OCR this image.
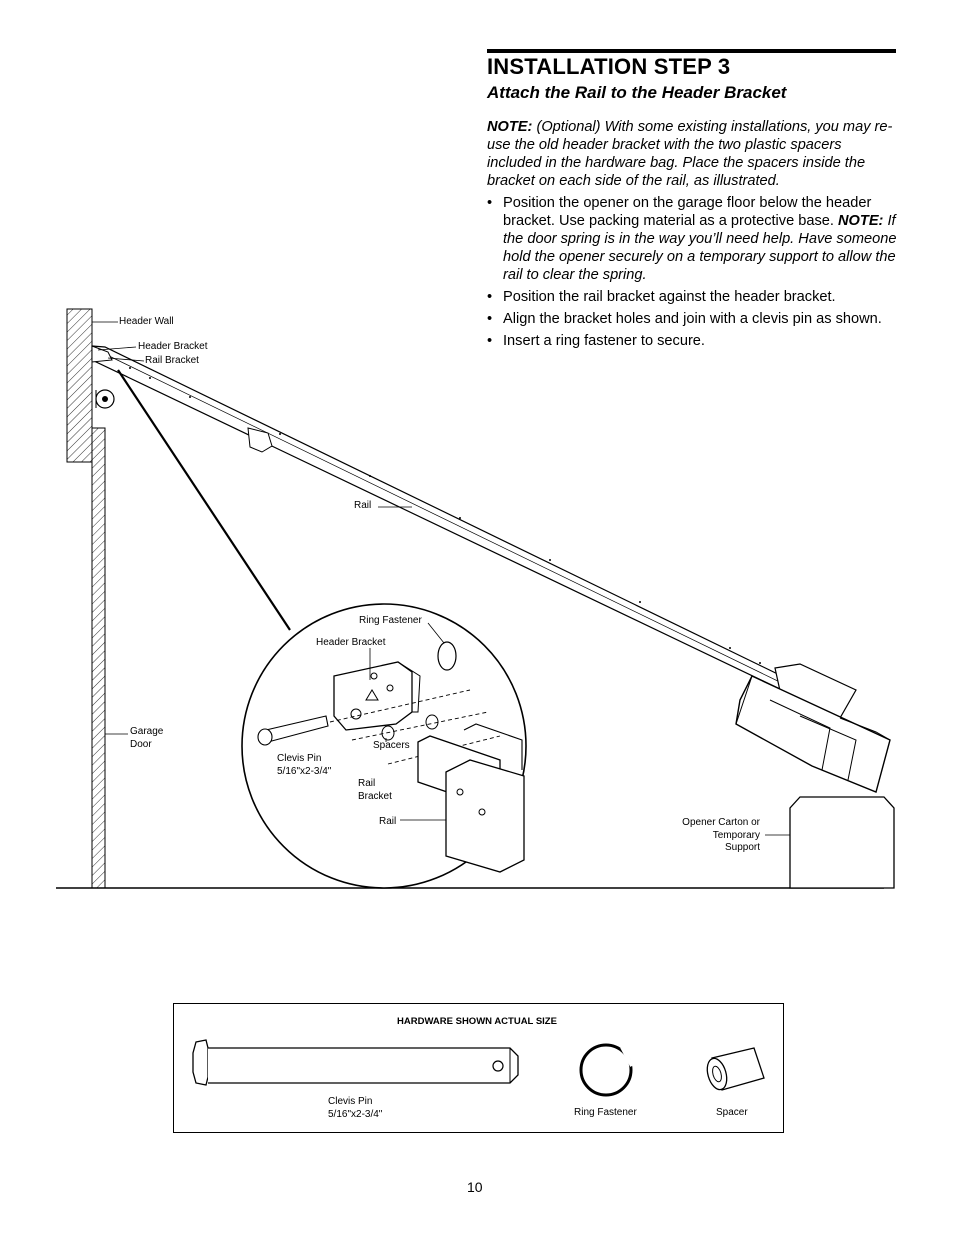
INSTALLATION STEP 3
Attach the Rail to the Header Bracket
NOTE: (Optional) With some existing installations, you may re-use the old header bracket with the two plastic spacers included in the hardware bag. Place the spacers inside the bracket on each side of the rail, as illustrated.
• Position the opener on the garage floor below the header bracket. Use packing material as a protective base. NOTE: If the door spring is in the way you’ll need help. Have someone hold the opener securely on a temporary support to allow the rail to clear the spring.
• Position the rail bracket against the header bracket.
• Align the bracket holes and join with a clevis pin as shown.
• Insert a ring fastener to secure.
Header Wall
Header Bracket
Rail Bracket
Rail
Garage
Door
Opener Carton or
Temporary
Support
Ring Fastener
Header Bracket
Spacers
Clevis Pin
5/16"x2-3/4"
Rail
Bracket
Rail
HARDWARE SHOWN ACTUAL SIZE
Clevis Pin
5/16"x2-3/4"	Ring Fastener	Spacer
10
